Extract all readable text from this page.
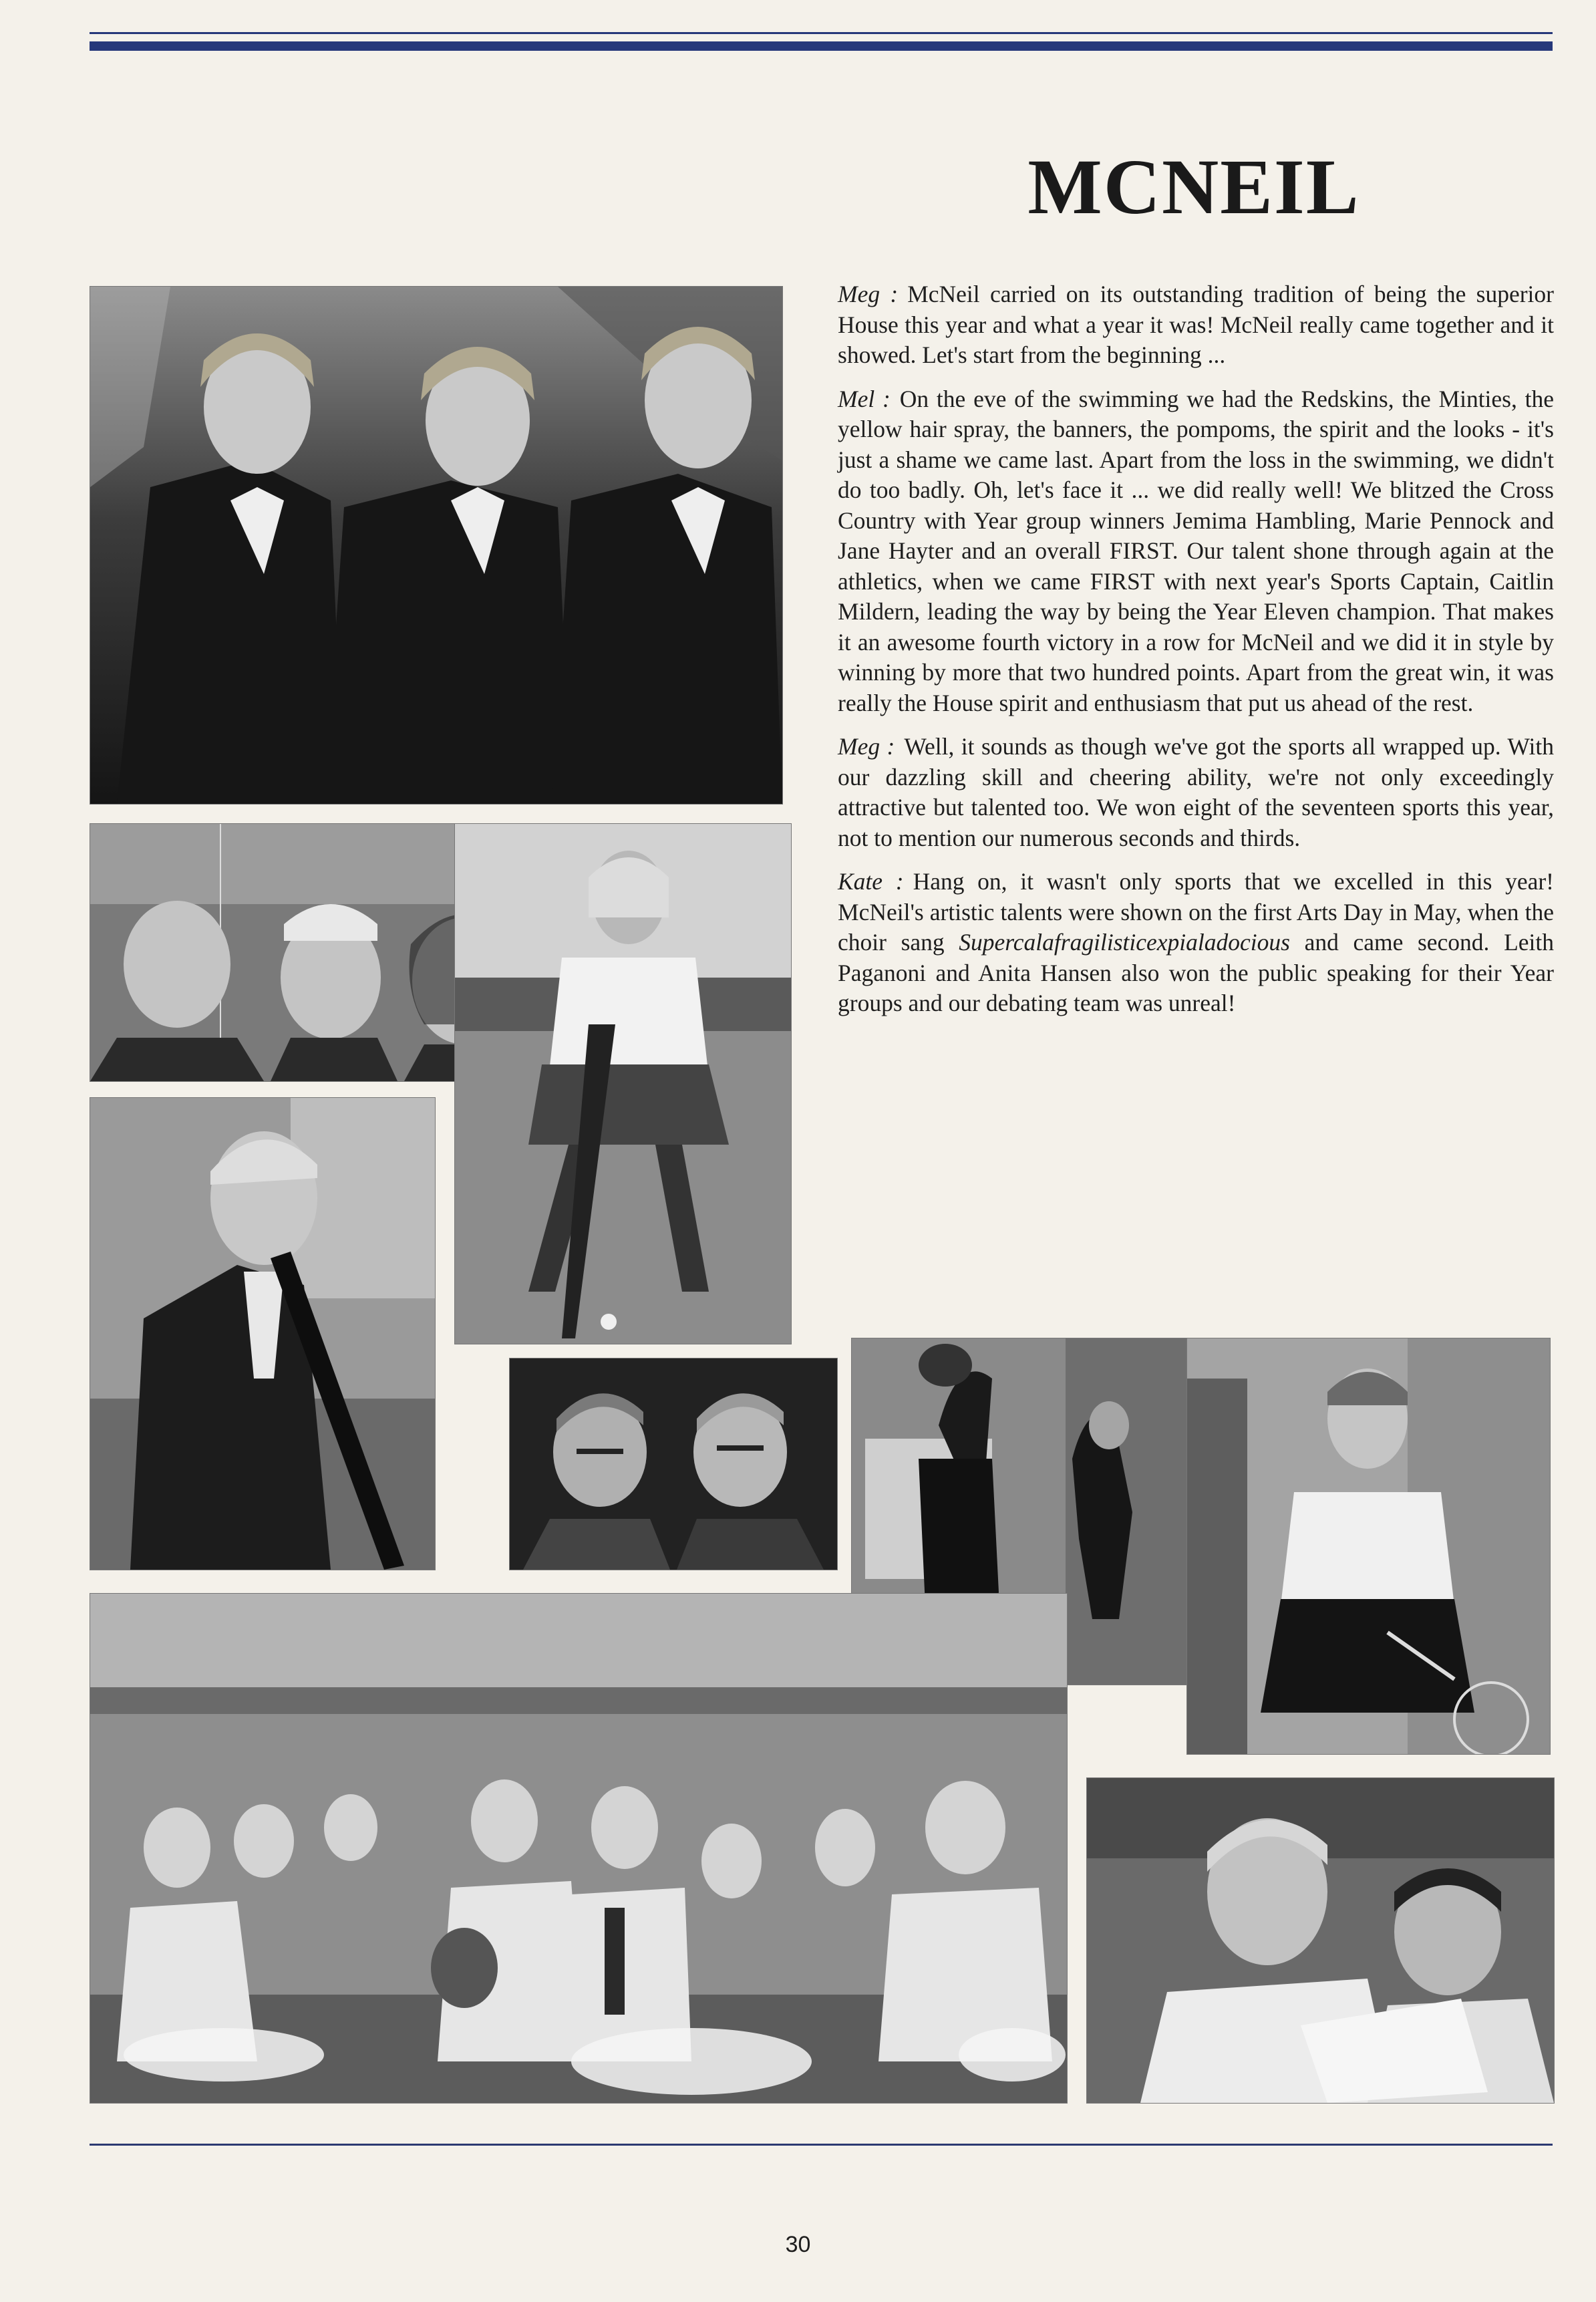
MCNEIL

Meg : McNeil carried on its outstanding tradition of being the superior House this year and what a year it was! McNeil really came together and it showed. Let's start from the beginning ...

Mel : On the eve of the swimming we had the Redskins, the Minties, the yellow hair spray, the banners, the pompoms, the spirit and the looks - it's just a shame we came last. Apart from the loss in the swimming, we didn't do too badly. Oh, let's face it ... we did really well! We blitzed the Cross Country with Year group winners Jemima Hambling, Marie Pennock and Jane Hayter and an overall FIRST. Our talent shone through again at the athletics, when we came FIRST with next year's Sports Captain, Caitlin Mildern, leading the way by being the Year Eleven champion. That makes it an awesome fourth victory in a row for McNeil and we did it in style by winning by more that two hundred points. Apart from the great win, it was really the House spirit and enthusiasm that put us ahead of the rest.

Meg : Well, it sounds as though we've got the sports all wrapped up. With our dazzling skill and cheering ability, we're not only exceedingly attractive but talented too. We won eight of the seventeen sports this year, not to mention our numerous seconds and thirds.

Kate : Hang on, it wasn't only sports that we excelled in this year! McNeil's artistic talents were shown on the first Arts Day in May, when the choir sang Supercalafragilisticexpialadocious and came second. Leith Paganoni and Anita Hansen also won the public speaking for their Year groups and our debating team was unreal!

30
